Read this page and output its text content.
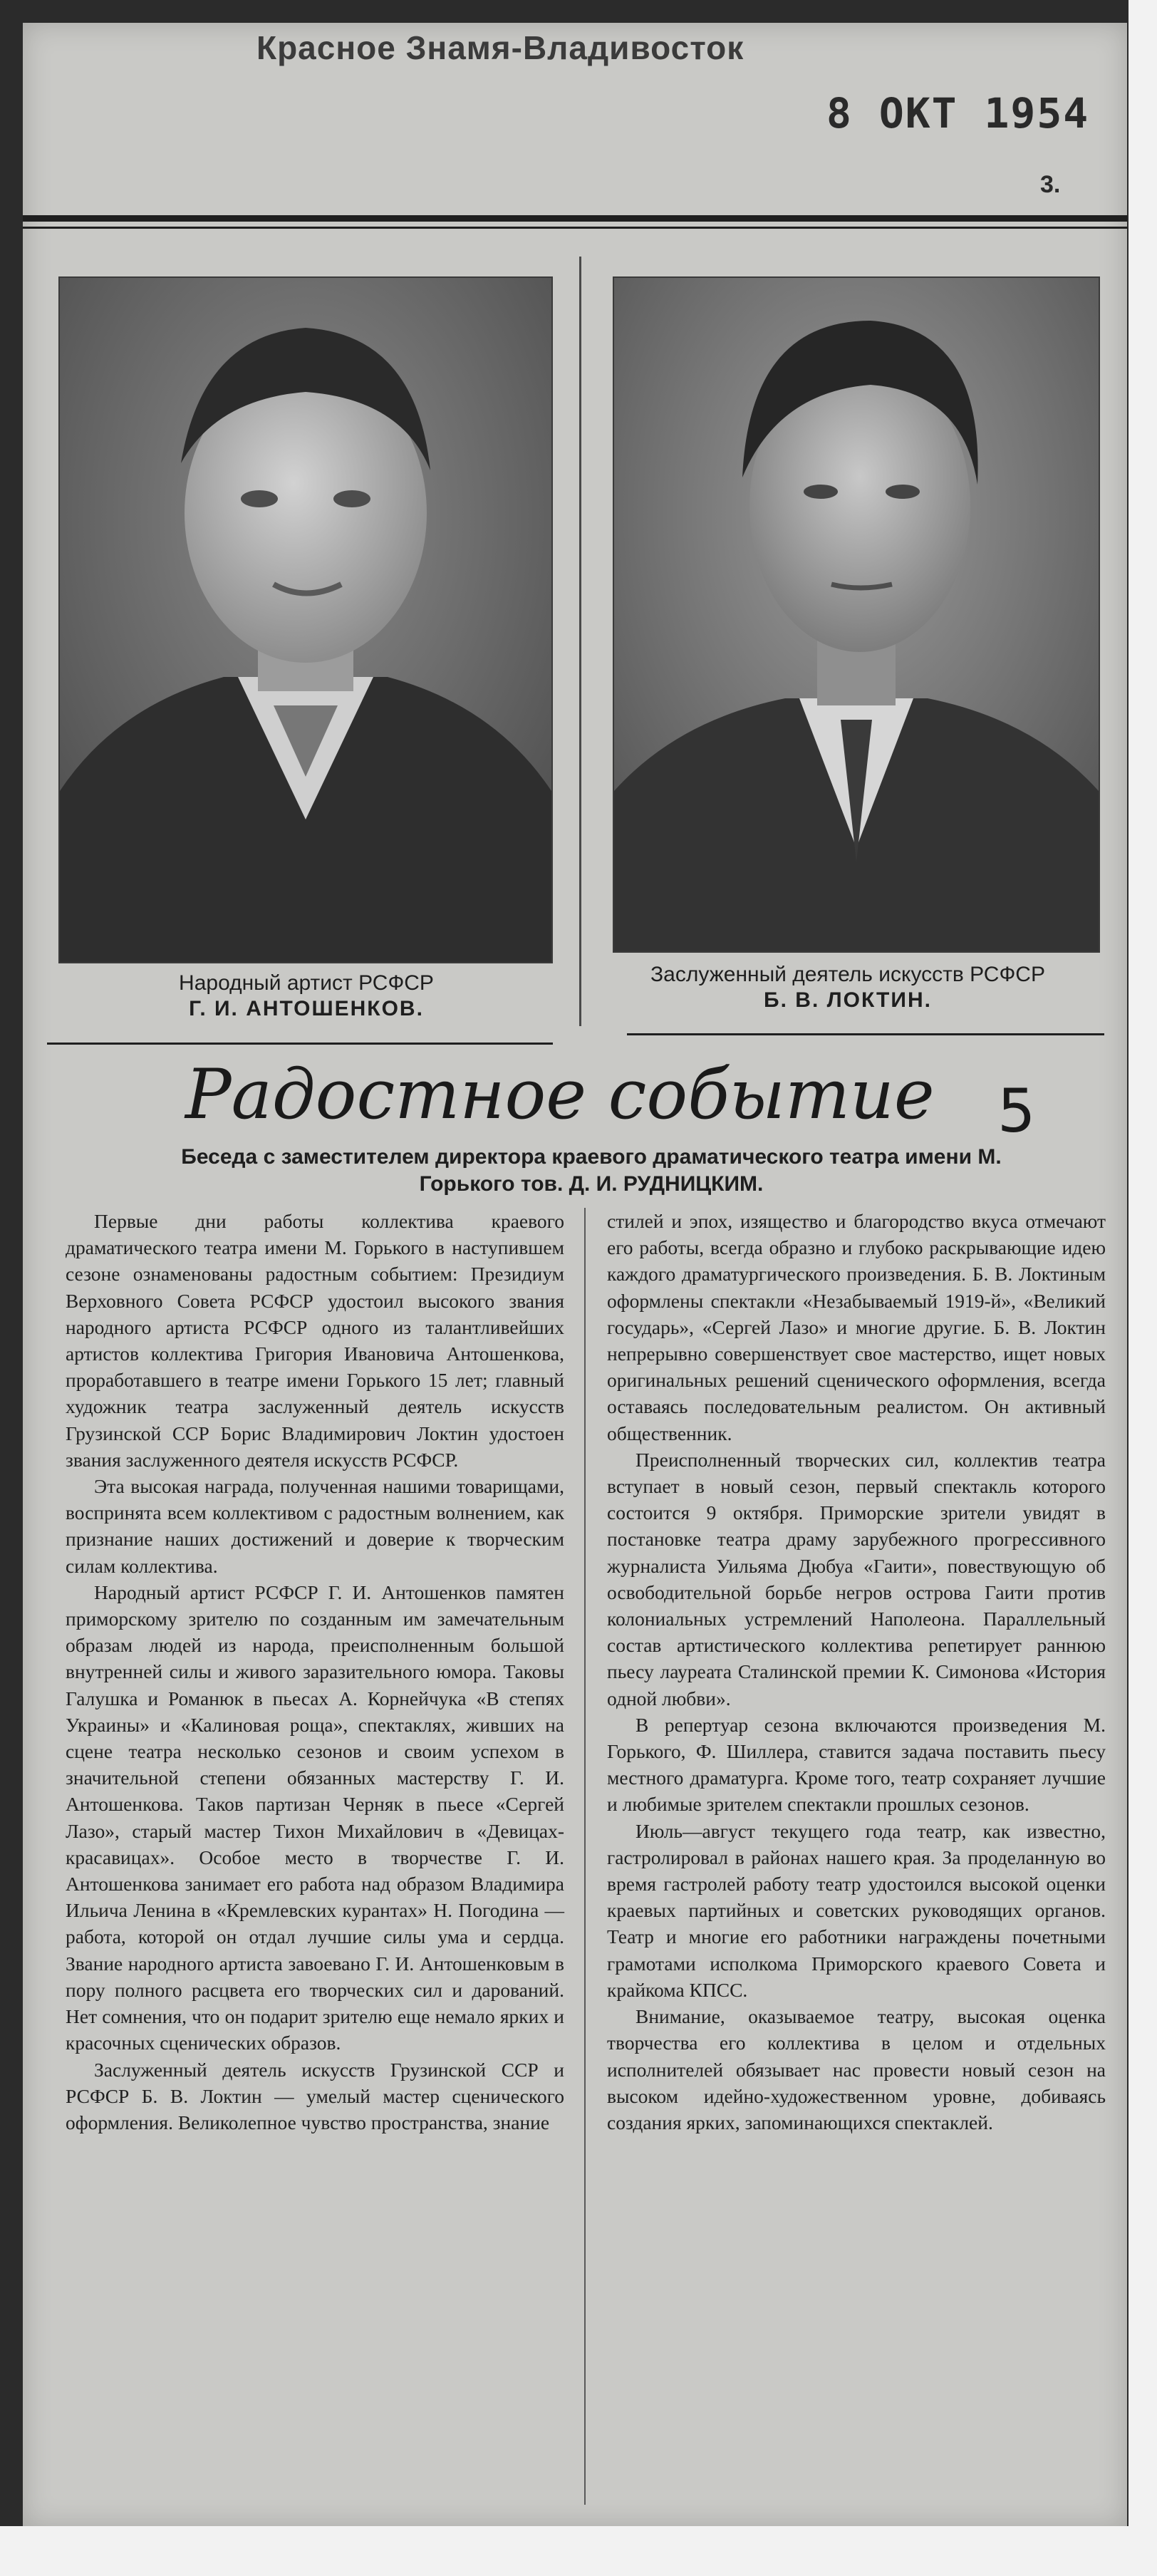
Красное Знамя-Владивосток
8 ОКТ 1954
3.
Народный артист РСФСР
Г. И. АНТОШЕНКОВ.
Заслуженный деятель искусств РСФСР
Б. В. ЛОКТИН.
Радостное событие 5
Беседа с заместителем директора краевого драматического театра имени М. Горького тов. Д. И. РУДНИЦКИМ.

Первые дни работы коллектива краевого драматического театра имени М. Горького в наступившем сезоне ознаменованы радостным событием: Президиум Верховного Совета РСФСР удостоил высокого звания народного артиста РСФСР одного из талантливейших артистов коллектива Григория Ивановича Антошенкова, проработавшего в театре имени Горького 15 лет; главный художник театра заслуженный деятель искусств Грузинской ССР Борис Владимирович Локтин удостоен звания заслуженного деятеля искусств РСФСР.

Эта высокая награда, полученная нашими товарищами, воспринята всем коллективом с радостным волнением, как признание наших достижений и доверие к творческим силам коллектива.

Народный артист РСФСР Г. И. Антошенков памятен приморскому зрителю по созданным им замечательным образам людей из народа, преисполненным большой внутренней силы и живого заразительного юмора. Таковы Галушка и Романюк в пьесах А. Корнейчука «В степях Украины» и «Калиновая роща», спектаклях, живших на сцене театра несколько сезонов и своим успехом в значительной степени обязанных мастерству Г. И. Антошенкова. Таков партизан Черняк в пьесе «Сергей Лазо», старый мастер Тихон Михайлович в «Девицах-красавицах». Особое место в творчестве Г. И. Антошенкова занимает его работа над образом Владимира Ильича Ленина в «Кремлевских курантах» Н. Погодина — работа, которой он отдал лучшие силы ума и сердца. Звание народного артиста завоевано Г. И. Антошенковым в пору полного расцвета его творческих сил и дарований. Нет сомнения, что он подарит зрителю еще немало ярких и красочных сценических образов.

Заслуженный деятель искусств Грузинской ССР и РСФСР Б. В. Локтин — умелый мастер сценического оформления. Великолепное чувство пространства, знание

стилей и эпох, изящество и благородство вкуса отмечают его работы, всегда образно и глубоко раскрывающие идею каждого драматургического произведения. Б. В. Локтиным оформлены спектакли «Незабываемый 1919-й», «Великий государь», «Сергей Лазо» и многие другие. Б. В. Локтин непрерывно совершенствует свое мастерство, ищет новых оригинальных решений сценического оформления, всегда оставаясь последовательным реалистом. Он активный общественник.

Преисполненный творческих сил, коллектив театра вступает в новый сезон, первый спектакль которого состоится 9 октября. Приморские зрители увидят в постановке театра драму зарубежного прогрессивного журналиста Уильяма Дюбуа «Гаити», повествующую об освободительной борьбе негров острова Гаити против колониальных устремлений Наполеона. Параллельный состав артистического коллектива репетирует раннюю пьесу лауреата Сталинской премии К. Симонова «История одной любви».

В репертуар сезона включаются произведения М. Горького, Ф. Шиллера, ставится задача поставить пьесу местного драматурга. Кроме того, театр сохраняет лучшие и любимые зрителем спектакли прошлых сезонов.

Июль—август текущего года театр, как известно, гастролировал в районах нашего края. За проделанную во время гастролей работу театр удостоился высокой оценки краевых партийных и советских руководящих органов. Театр и многие его работники награждены почетными грамотами исполкома Приморского краевого Совета и крайкома КПСС.

Внимание, оказываемое театру, высокая оценка творчества его коллектива в целом и отдельных исполнителей обязывает нас провести новый сезон на высоком идейно-художественном уровне, добиваясь создания ярких, запоминающихся спектаклей.
